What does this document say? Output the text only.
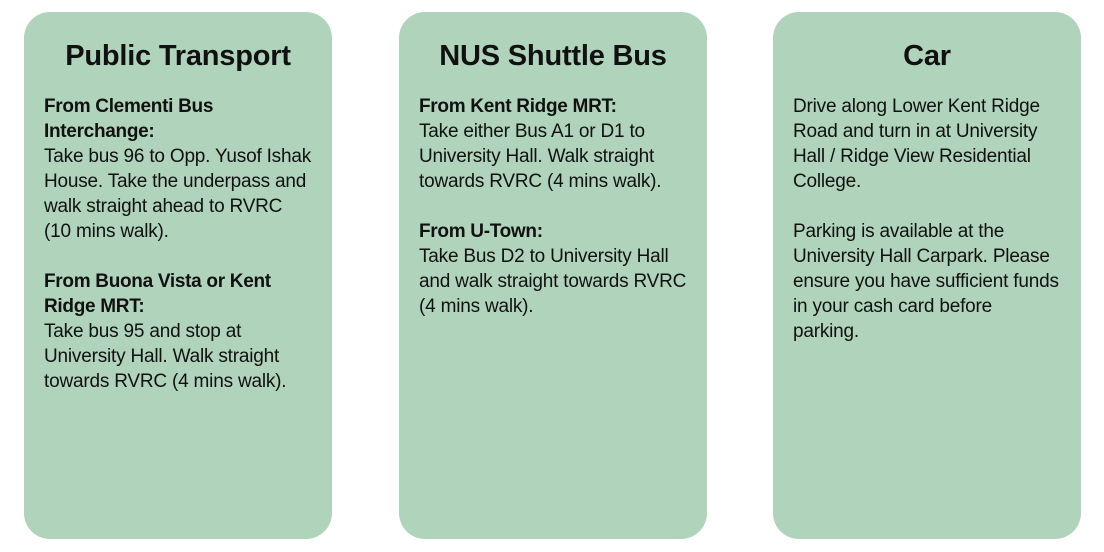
Public Transport

From Clementi Bus Interchange:
Take bus 96 to Opp. Yusof Ishak House. Take the underpass and walk straight ahead to RVRC (10 mins walk).

From Buona Vista or Kent Ridge MRT:
Take bus 95 and stop at University Hall. Walk straight towards RVRC (4 mins walk).

NUS Shuttle Bus

From Kent Ridge MRT:
Take either Bus A1 or D1 to University Hall. Walk straight towards RVRC (4 mins walk).

From U-Town:
Take Bus D2 to University Hall and walk straight towards RVRC (4 mins walk).

Car

Drive along Lower Kent Ridge Road and turn in at University Hall / Ridge View Residential College.

Parking is available at the University Hall Carpark. Please ensure you have sufficient funds in your cash card before parking.
